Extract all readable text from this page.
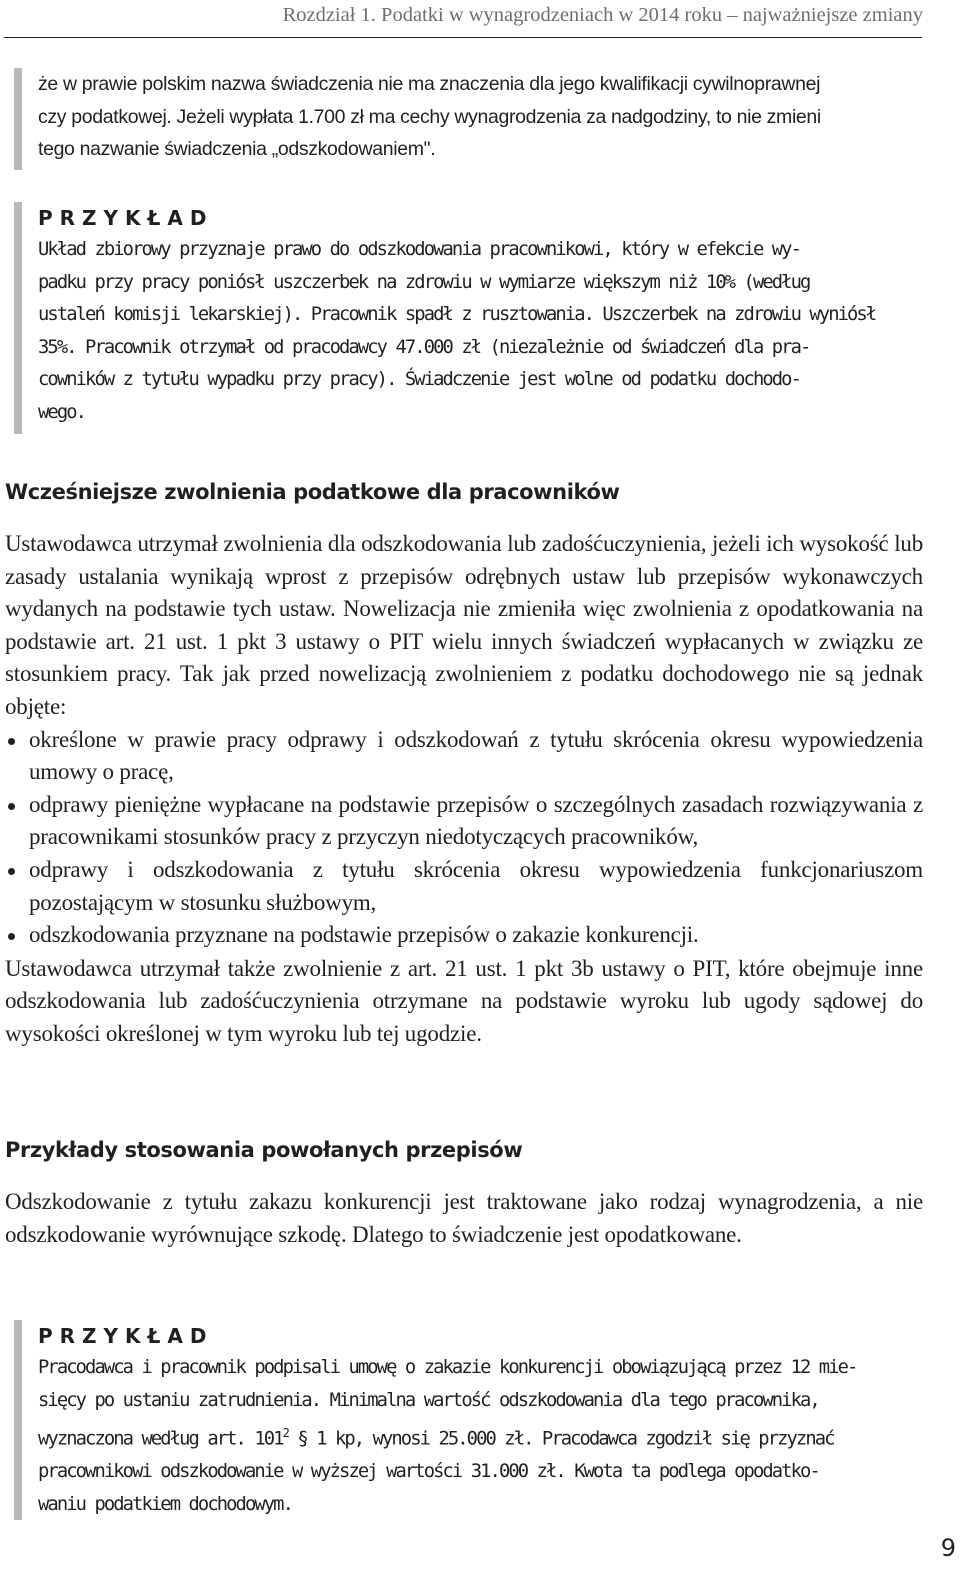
Rozdział 1. Podatki w wynagrodzeniach w 2014 roku – najważniejsze zmiany
że w prawie polskim nazwa świadczenia nie ma znaczenia dla jego kwalifikacji cywilnoprawnej
czy podatkowej. Jeżeli wypłata 1.700 zł ma cechy wynagrodzenia za nadgodziny, to nie zmieni
tego nazwanie świadczenia „odszkodowaniem".
PRZYKŁAD
Układ zbiorowy przyznaje prawo do odszkodowania pracownikowi, który w efekcie wy-
padku przy pracy poniósł uszczerbek na zdrowiu w wymiarze większym niż 10% (według
ustaleń komisji lekarskiej). Pracownik spadł z rusztowania. Uszczerbek na zdrowiu wyniósł
35%. Pracownik otrzymał od pracodawcy 47.000 zł (niezależnie od świadczeń dla pra-
cowników z tytułu wypadku przy pracy). Świadczenie jest wolne od podatku dochodo-
wego.
Wcześniejsze zwolnienia podatkowe dla pracowników

Ustawodawca utrzymał zwolnienia dla odszkodowania lub zadośćuczynienia, jeżeli ich wysokość lub zasady ustalania wynikają wprost z przepisów odrębnych ustaw lub przepisów wykonawczych wydanych na podstawie tych ustaw. Nowelizacja nie zmieniła więc zwolnienia z opodatkowania na podstawie art. 21 ust. 1 pkt 3 ustawy o PIT wielu innych świadczeń wypłacanych w związku ze stosunkiem pracy. Tak jak przed nowelizacją zwolnieniem z podatku dochodowego nie są jednak objęte:

określone w prawie pracy odprawy i odszkodowań z tytułu skrócenia okresu wypowiedzenia umowy o pracę,
odprawy pieniężne wypłacane na podstawie przepisów o szczególnych zasadach rozwiązywania z pracownikami stosunków pracy z przyczyn niedotyczących pracowników,
odprawy i odszkodowania z tytułu skrócenia okresu wypowiedzenia funkcjonariuszom pozostającym w stosunku służbowym,
odszkodowania przyznane na podstawie przepisów o zakazie konkurencji.

Ustawodawca utrzymał także zwolnienie z art. 21 ust. 1 pkt 3b ustawy o PIT, które obejmuje inne odszkodowania lub zadośćuczynienia otrzymane na podstawie wyroku lub ugody sądowej do wysokości określonej w tym wyroku lub tej ugodzie.

Przykłady stosowania powołanych przepisów

Odszkodowanie z tytułu zakazu konkurencji jest traktowane jako rodzaj wynagrodzenia, a nie odszkodowanie wyrównujące szkodę. Dlatego to świadczenie jest opodatkowane.

PRZYKŁAD
Pracodawca i pracownik podpisali umowę o zakazie konkurencji obowiązującą przez 12 mie-
sięcy po ustaniu zatrudnienia. Minimalna wartość odszkodowania dla tego pracownika,
wyznaczona według art. $101^2$ § 1 kp, wynosi 25.000 zł. Pracodawca zgodził się przyznać
pracownikowi odszkodowanie w wyższej wartości 31.000 zł. Kwota ta podlega opodatko-
waniu podatkiem dochodowym.
9
